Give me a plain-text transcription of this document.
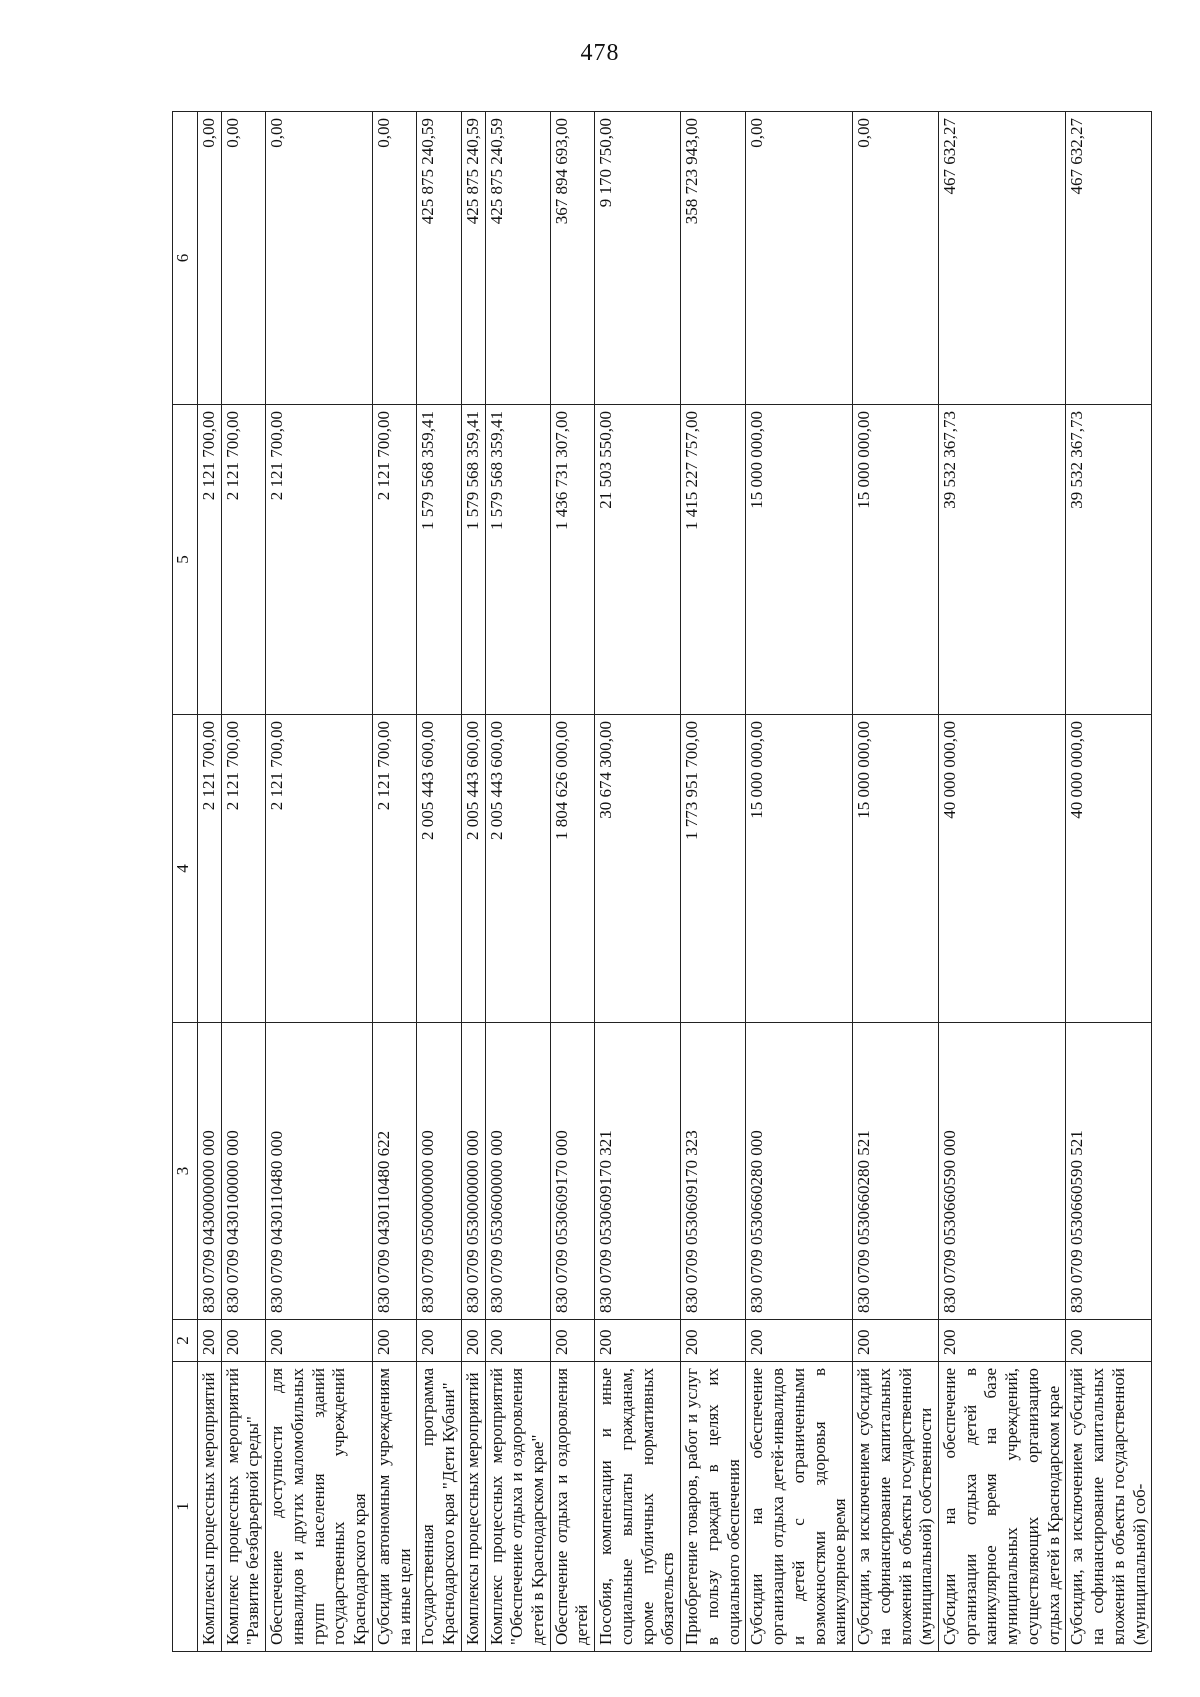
478
1	2	3	4	5	6
Комплексы процессных мероприятий	200	830 0709 0430000000 000	2 121 700,00	2 121 700,00	0,00
Комплекс процессных мероприятий "Развитие безбарьерной среды"	200	830 0709 0430100000 000	2 121 700,00	2 121 700,00	0,00
Обеспечение доступности для инвалидов и других маломобильных групп населения зданий государственных учреждений Краснодарского края	200	830 0709 0430110480 000	2 121 700,00	2 121 700,00	0,00
Субсидии автономным учреждениям на иные цели	200	830 0709 0430110480 622	2 121 700,00	2 121 700,00	0,00
Государственная программа Краснодарского края "Дети Кубани"	200	830 0709 0500000000 000	2 005 443 600,00	1 579 568 359,41	425 875 240,59
Комплексы процессных мероприятий	200	830 0709 0530000000 000	2 005 443 600,00	1 579 568 359,41	425 875 240,59
Комплекс процессных мероприятий "Обеспечение отдыха и оздоровления детей в Краснодарском крае"	200	830 0709 0530600000 000	2 005 443 600,00	1 579 568 359,41	425 875 240,59
Обеспечение отдыха и оздоровления детей	200	830 0709 0530609170 000	1 804 626 000,00	1 436 731 307,00	367 894 693,00
Пособия, компенсации и иные социальные выплаты гражданам, кроме публичных нормативных обязательств	200	830 0709 0530609170 321	30 674 300,00	21 503 550,00	9 170 750,00
Приобретение товаров, работ и услуг в пользу граждан в целях их социального обеспечения	200	830 0709 0530609170 323	1 773 951 700,00	1 415 227 757,00	358 723 943,00
Субсидии на обеспечение организации отдыха детей-инвалидов и детей с ограниченными возможностями здоровья в каникулярное время	200	830 0709 0530660280 000	15 000 000,00	15 000 000,00	0,00
Субсидии, за исключением субсидий на софинансирование капитальных вложений в объекты государственной (муниципальной) собственности	200	830 0709 0530660280 521	15 000 000,00	15 000 000,00	0,00
Субсидии на обеспечение организации отдыха детей в каникулярное время на базе муниципальных учреждений, осуществляющих организацию отдыха детей в Краснодарском крае	200	830 0709 0530660590 000	40 000 000,00	39 532 367,73	467 632,27
Субсидии, за исключением субсидий на софинансирование капитальных вложений в объекты государственной (муниципальной) соб-	200	830 0709 0530660590 521	40 000 000,00	39 532 367,73	467 632,27
